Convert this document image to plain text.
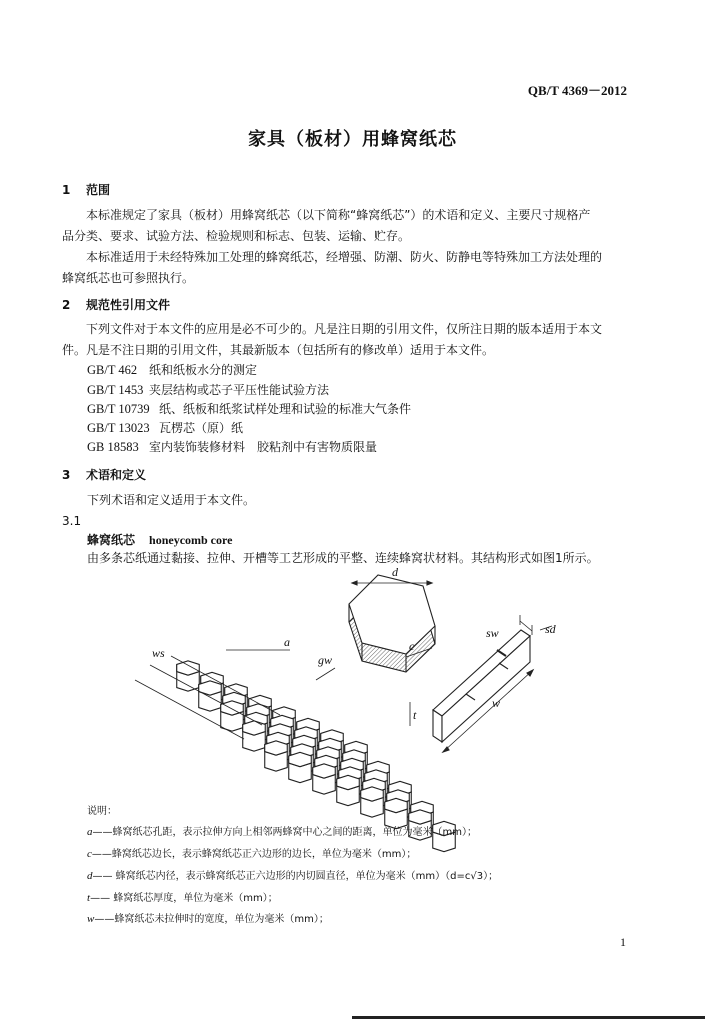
QB/T 4369－2012
家具（板材）用蜂窝纸芯
1 范围
本标准规定了家具（板材）用蜂窝纸芯（以下简称“蜂窝纸芯”）的术语和定义、主要尺寸规格产
品分类、要求、试验方法、检验规则和标志、包装、运输、贮存。
本标准适用于未经特殊加工处理的蜂窝纸芯，经增强、防潮、防火、防静电等特殊加工方法处理的
蜂窝纸芯也可参照执行。
2 规范性引用文件
下列文件对于本文件的应用是必不可少的。凡是注日期的引用文件，仅所注日期的版本适用于本文
件。凡是不注日期的引用文件，其最新版本（包括所有的修改单）适用于本文件。
GB/T 462 纸和纸板水分的测定
GB/T 1453 夹层结构或芯子平压性能试验方法
GB/T 10739 纸、纸板和纸浆试样处理和试验的标准大气条件
GB/T 13023 瓦楞芯（原）纸
GB 18583 室内装饰装修材料　胶粘剂中有害物质限量
3 术语和定义
下列术语和定义适用于本文件。
3.1
蜂窝纸芯 honeycomb core
由多条芯纸通过黏接、拉伸、开槽等工艺形成的平整、连续蜂窝状材料。其结构形式如图1所示。
d
c
a
ws	gw
t
sw	sd
w
说明：
a——蜂窝纸芯孔距，表示拉伸方向上相邻两蜂窝中心之间的距离，单位为毫米（mm）；
c——蜂窝纸芯边长，表示蜂窝纸芯正六边形的边长，单位为毫米（mm）；
d—— 蜂窝纸芯内径，表示蜂窝纸芯正六边形的内切圆直径，单位为毫米（mm）（d=c√3）；
t—— 蜂窝纸芯厚度，单位为毫米（mm）；
w——蜂窝纸芯未拉伸时的宽度，单位为毫米（mm）；
1
